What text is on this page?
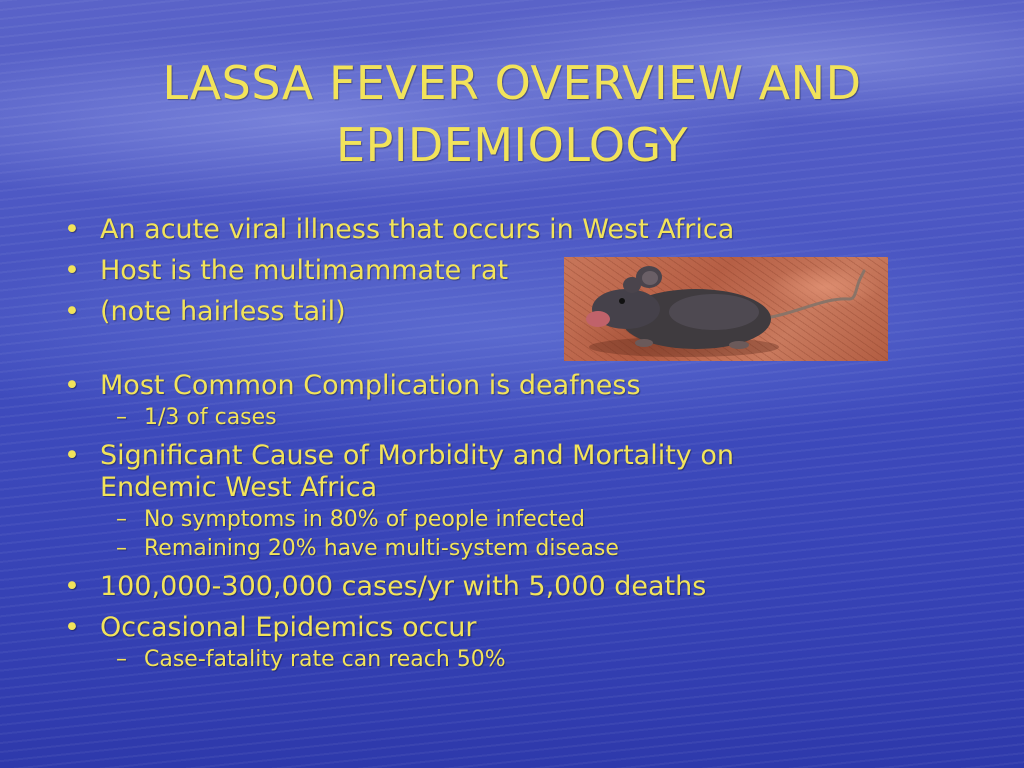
LASSA FEVER OVERVIEW AND
EPIDEMIOLOGY
• An acute viral illness that occurs in West Africa
• Host is the multimammate rat
• (note hairless tail)
• Most Common Complication is deafness
– 1/3 of cases
• Significant Cause of Morbidity and Mortality on Endemic West Africa
– No symptoms in 80% of people infected
– Remaining 20% have multi-system disease
• 100,000-300,000 cases/yr with 5,000 deaths
• Occasional Epidemics occur
– Case-fatality rate can reach 50%
